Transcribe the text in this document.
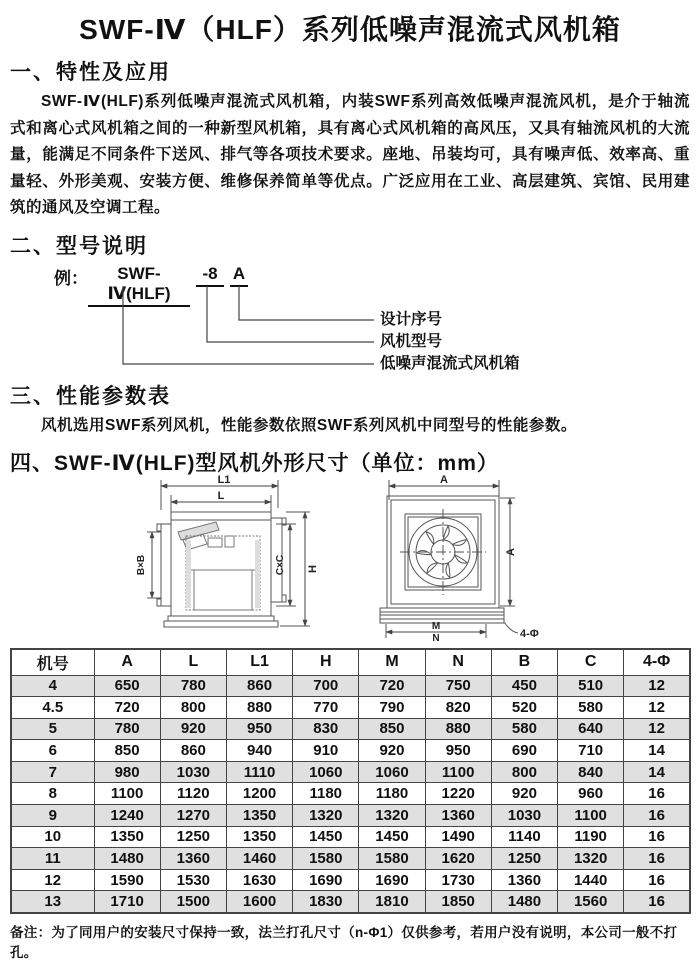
SWF-Ⅳ（HLF）系列低噪声混流式风机箱
一、特性及应用
SWF-Ⅳ(HLF)系列低噪声混流式风机箱，内装SWF系列高效低噪声混流风机，是介于轴流式和离心式风机箱之间的一种新型风机箱，具有离心式风机箱的高风压，又具有轴流风机的大流量，能满足不同条件下送风、排气等各项技术要求。座地、吊装均可，具有噪声低、效率高、重量轻、外形美观、安装方便、维修保养简单等优点。广泛应用在工业、高层建筑、宾馆、民用建筑的通风及空调工程。
二、型号说明
例：	SWF-Ⅳ(HLF)
-8 A
设计序号
风机型号
低噪声混流式风机箱
三、性能参数表
风机选用SWF系列风机，性能参数依照SWF系列风机中同型号的性能参数。
四、SWF-Ⅳ(HLF)型风机外形尺寸（单位：mm）
L1
L
B×B	C×C H
A
A
M
N	4-Φ
机号	A	L	L1	H	M	N	B	C	4-Φ
4	650	780	860	700	720	750	450	510	12
4.5	720	800	880	770	790	820	520	580	12
5	780	920	950	830	850	880	580	640	12
6	850	860	940	910	920	950	690	710	14
7	980	1030	1110	1060	1060	1100	800	840	14
8	1100	1120	1200	1180	1180	1220	920	960	16
9	1240	1270	1350	1320	1320	1360	1030	1100	16
10	1350	1250	1350	1450	1450	1490	1140	1190	16
11	1480	1360	1460	1580	1580	1620	1250	1320	16
12	1590	1530	1630	1690	1690	1730	1360	1440	16
13	1710	1500	1600	1830	1810	1850	1480	1560	16
备注：为了同用户的安装尺寸保持一致，法兰打孔尺寸（n-Φ1）仅供参考，若用户没有说明，本公司一般不打孔。
